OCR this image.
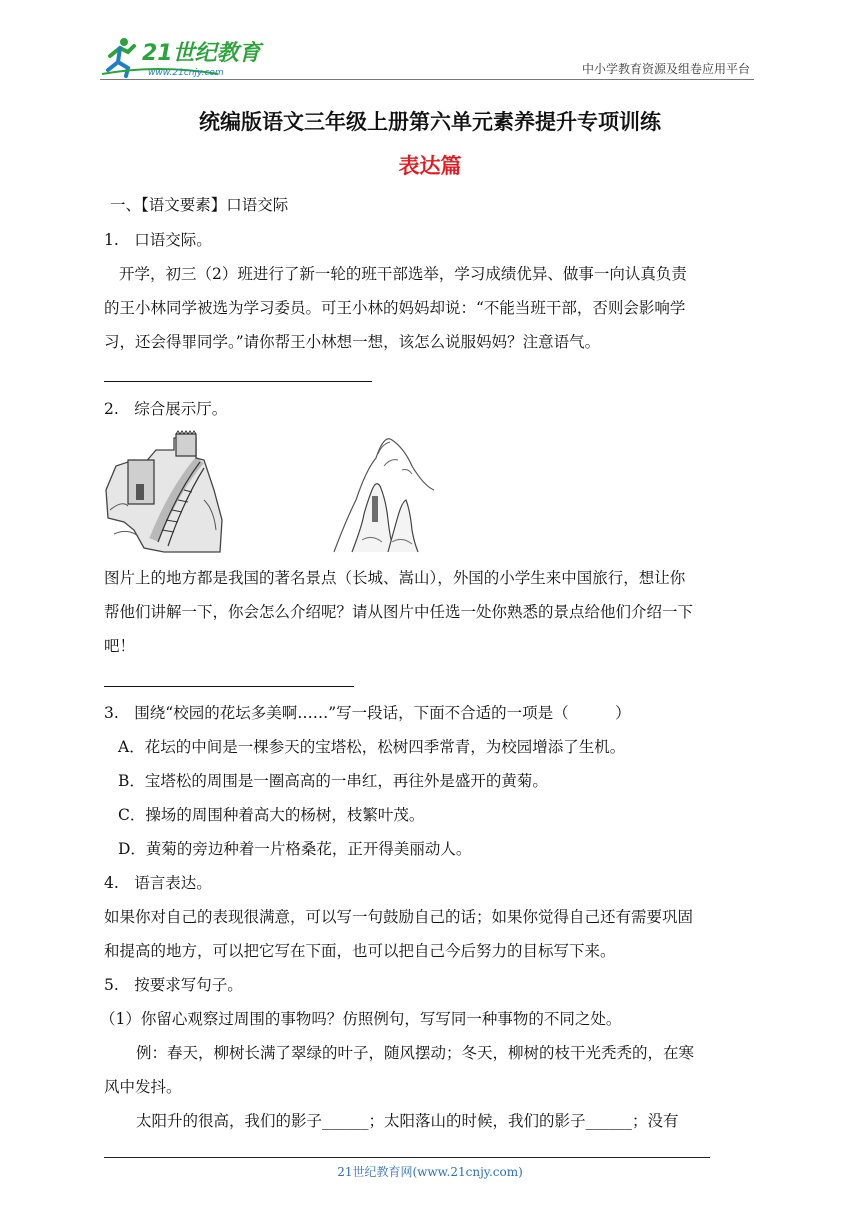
21世纪教育
www.21cnjy.com	中小学教育资源及组卷应用平台
统编版语文三年级上册第六单元素养提升专项训练
表达篇
一、【语文要素】口语交际
1.　口语交际。
开学，初三（2）班进行了新一轮的班干部选举，学习成绩优异、做事一向认真负责
的王小林同学被选为学习委员。可王小林的妈妈却说：“不能当班干部，否则会影响学
习，还会得罪同学。”请你帮王小林想一想，该怎么说服妈妈？注意语气。
2.　综合展示厅。
图片上的地方都是我国的著名景点（长城、嵩山），外国的小学生来中国旅行，想让你
帮他们讲解一下，你会怎么介绍呢？请从图片中任选一处你熟悉的景点给他们介绍一下
吧！
3.　围绕“校园的花坛多美啊……”写一段话，下面不合适的一项是（　　　）
A．花坛的中间是一棵参天的宝塔松，松树四季常青，为校园增添了生机。
B．宝塔松的周围是一圈高高的一串红，再往外是盛开的黄菊。
C．操场的周围种着高大的杨树，枝繁叶茂。
D．黄菊的旁边种着一片格桑花，正开得美丽动人。
4.　语言表达。
如果你对自己的表现很满意，可以写一句鼓励自己的话；如果你觉得自己还有需要巩固
和提高的地方，可以把它写在下面，也可以把自己今后努力的目标写下来。
5.　按要求写句子。
（1）你留心观察过周围的事物吗？仿照例句，写写同一种事物的不同之处。
例：春天，柳树长满了翠绿的叶子，随风摆动；冬天，柳树的枝干光秃秃的，在寒
风中发抖。
太阳升的很高，我们的影子______；太阳落山的时候，我们的影子______；没有
21世纪教育网(www.21cnjy.com)
